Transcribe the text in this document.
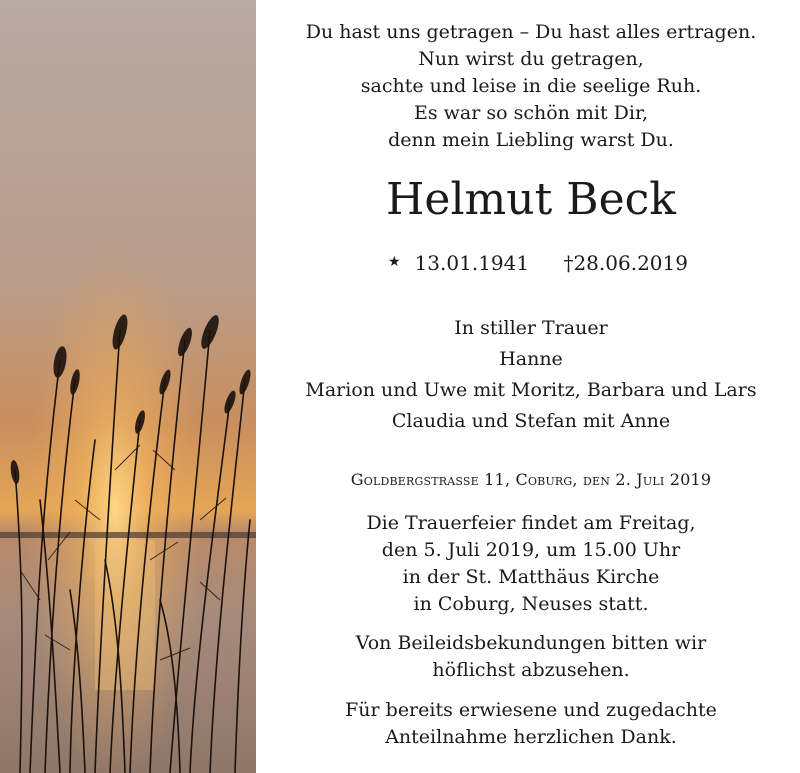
Du hast uns getragen – Du hast alles ertragen.
Nun wirst du getragen,
sachte und leise in die seelige Ruh.
Es war so schön mit Dir,
denn mein Liebling warst Du.
Helmut Beck
★ 13.01.1941 †28.06.2019
In stiller Trauer
Hanne
Marion und Uwe mit Moritz, Barbara und Lars
Claudia und Stefan mit Anne
Goldbergstrasse 11, Coburg, den 2. Juli 2019
Die Trauerfeier findet am Freitag,
den 5. Juli 2019, um 15.00 Uhr
in der St. Matthäus Kirche
in Coburg, Neuses statt.
Von Beileidsbekundungen bitten wir
höflichst abzusehen.
Für bereits erwiesene und zugedachte
Anteilnahme herzlichen Dank.
